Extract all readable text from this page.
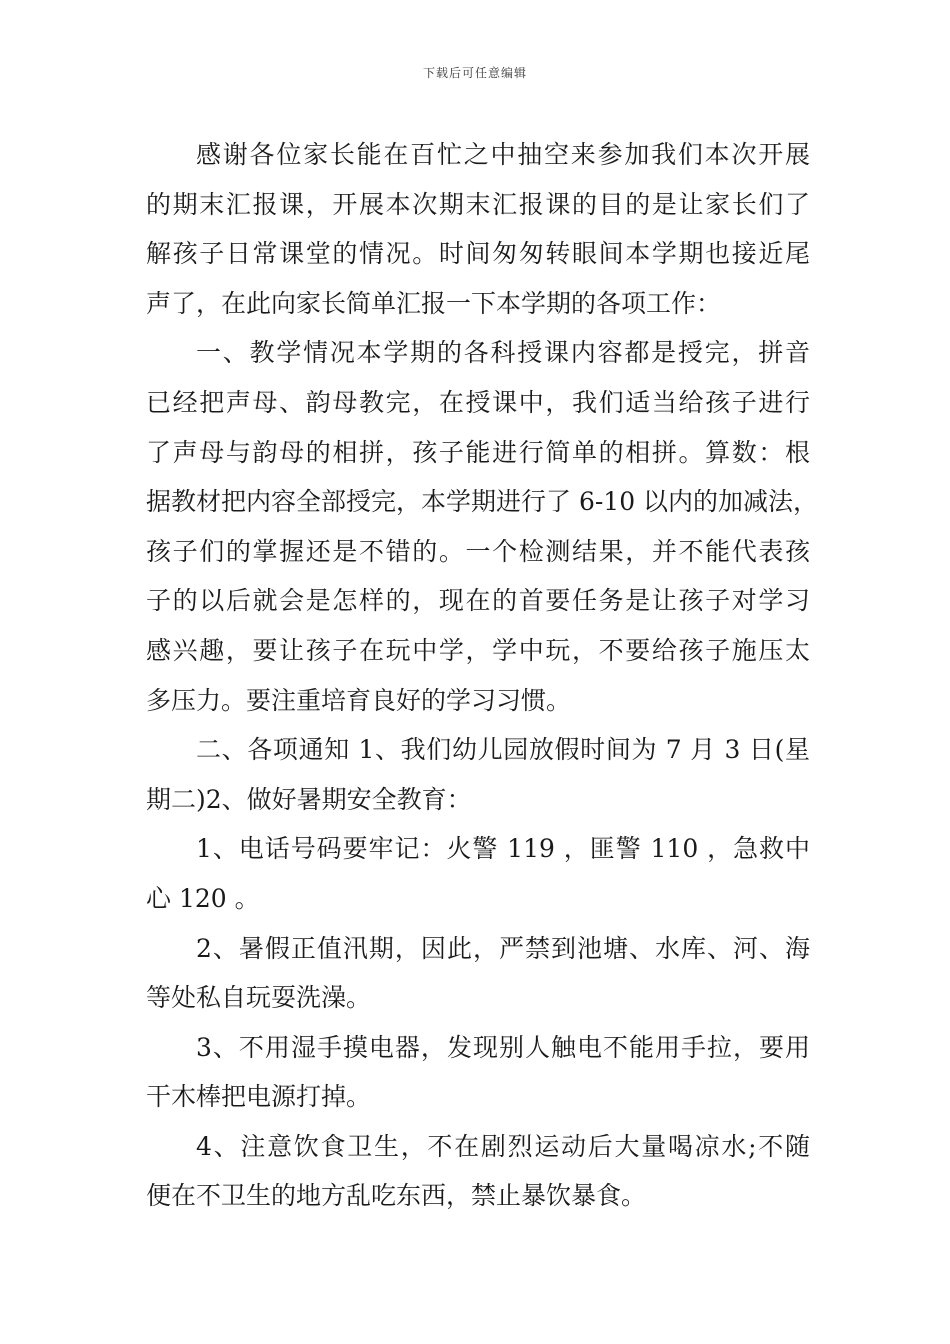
下载后可任意编辑
感谢各位家长能在百忙之中抽空来参加我们本次开展
的期末汇报课，开展本次期末汇报课的目的是让家长们了
解孩子日常课堂的情况。时间匆匆转眼间本学期也接近尾
声了，在此向家长简单汇报一下本学期的各项工作：
一、教学情况本学期的各科授课内容都是授完，拼音
已经把声母、韵母教完，在授课中，我们适当给孩子进行
了声母与韵母的相拼，孩子能进行简单的相拼。算数：根
据教材把内容全部授完，本学期进行了 6-10 以内的加减法，
孩子们的掌握还是不错的。一个检测结果，并不能代表孩
子的以后就会是怎样的，现在的首要任务是让孩子对学习
感兴趣，要让孩子在玩中学，学中玩，不要给孩子施压太
多压力。要注重培育良好的学习习惯。
二、各项通知 1、我们幼儿园放假时间为 7 月 3 日(星
期二)2、做好暑期安全教育：
1、电话号码要牢记：火警 119 ，匪警 110 ，急救中
心 120 。
2、暑假正值汛期，因此，严禁到池塘、水库、河、海
等处私自玩耍洗澡。
3、不用湿手摸电器，发现别人触电不能用手拉，要用
干木棒把电源打掉。
4、注意饮食卫生，不在剧烈运动后大量喝凉水;不随
便在不卫生的地方乱吃东西，禁止暴饮暴食。
